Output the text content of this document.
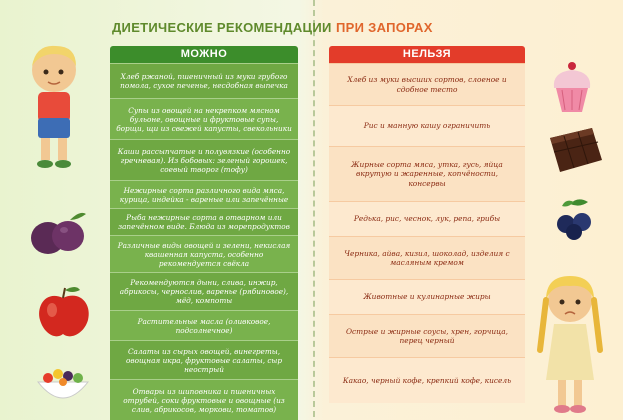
ДИЕТИЧЕСКИЕ РЕКОМЕНДАЦИИ ПРИ ЗАПОРАХ
МОЖНО
Хлеб ржаной, пшеничный из муки грубого помола, сухое печенье, несдобная выпечка
Супы из овощей на некрепком мясном бульоне, овощные и фруктовые супы, борщи, щи из свежей капусты, свекольники
Каши рассыпчатые и полувязкие (особенно гречневая). Из бобовых: зеленый горошек, соевый творог (тофу)
Нежирные сорта различного вида мяса, курица, индейка - вареные или запечённые
Рыба нежирные сорта в отварном или запечённом виде. Блюда из морепродуктов
Различные виды овощей и зелени, некислая квашенная капуста, особенно рекомендуется свёкла
Рекомендуются дыни, слива, инжир, абрикосы, чернослив, варенье (рябиновое), мёд, компоты
Растительные масла (оливковое, подсолнечное)
Салаты из сырых овощей, винегреты, овощная икра, фруктовые салаты, сыр неострый
Отвары из шиповника и пшеничных отрубей, соки фруктовые и овощные (из слив, абрикосов, моркови, томатов)
НЕЛЬЗЯ
Хлеб из муки высших сортов, слоеное и сдобное тесто
Рис и манную кашу ограничить
Жирные сорта мяса, утка, гусь, яйца вкрутую и жаренные, копчёности, консервы
Редька, рис, чеснок, лук, репа, грибы
Черника, айва, кизил, шоколад, изделия с масляным кремом
Животные и кулинарные жиры
Острые и жирные соусы, хрен, горчица, перец черный
Какао, черный кофе, крепкий кофе, кисель
